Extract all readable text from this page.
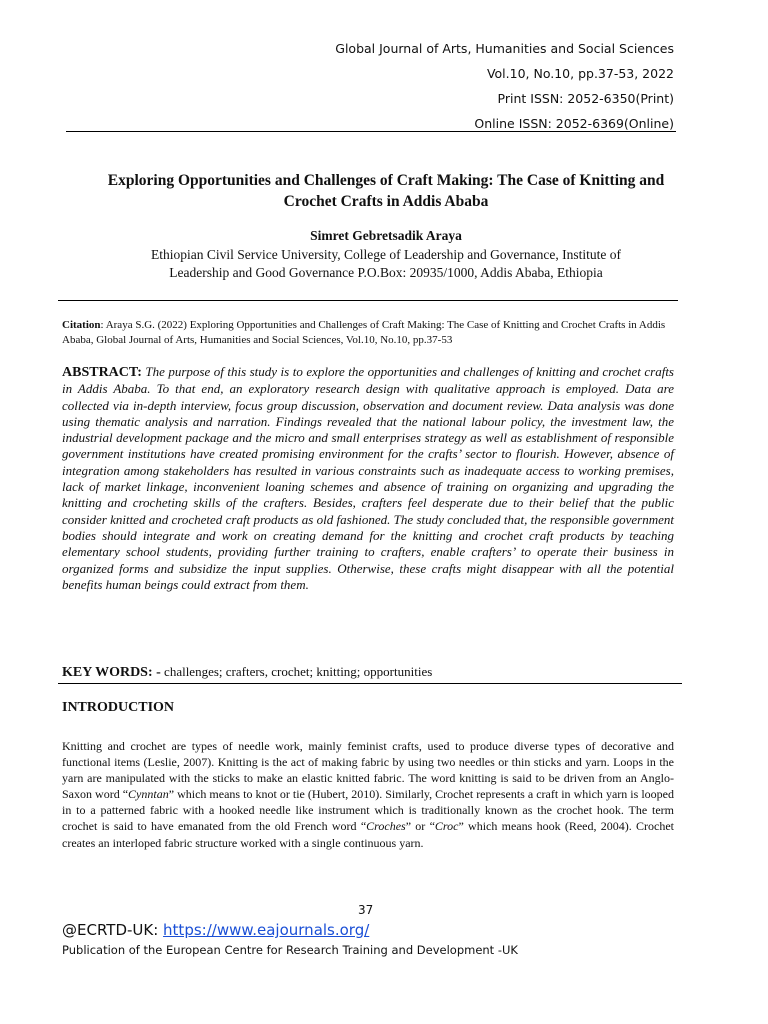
Global Journal of Arts, Humanities and Social Sciences
Vol.10, No.10, pp.37-53, 2022
Print ISSN: 2052-6350(Print)
Online ISSN: 2052-6369(Online)
Exploring Opportunities and Challenges of Craft Making: The Case of Knitting and
Crochet Crafts in Addis Ababa
Simret Gebretsadik Araya
Ethiopian Civil Service University, College of Leadership and Governance, Institute of
Leadership and Good Governance P.O.Box: 20935/1000, Addis Ababa, Ethiopia
Citation: Araya S.G. (2022) Exploring Opportunities and Challenges of Craft Making: The Case of Knitting and Crochet Crafts in Addis Ababa, Global Journal of Arts, Humanities and Social Sciences, Vol.10, No.10, pp.37-53
ABSTRACT: The purpose of this study is to explore the opportunities and challenges of knitting and crochet crafts in Addis Ababa. To that end, an exploratory research design with qualitative approach is employed. Data are collected via in-depth interview, focus group discussion, observation and document review. Data analysis was done using thematic analysis and narration. Findings revealed that the national labour policy, the investment law, the industrial development package and the micro and small enterprises strategy as well as establishment of responsible government institutions have created promising environment for the crafts’ sector to flourish. However, absence of integration among stakeholders has resulted in various constraints such as inadequate access to working premises, lack of market linkage, inconvenient loaning schemes and absence of training on organizing and upgrading the knitting and crocheting skills of the crafters. Besides, crafters feel desperate due to their belief that the public consider knitted and crocheted craft products as old fashioned. The study concluded that, the responsible government bodies should integrate and work on creating demand for the knitting and crochet craft products by teaching elementary school students, providing further training to crafters, enable crafters’ to operate their business in organized forms and subsidize the input supplies. Otherwise, these crafts might disappear with all the potential benefits human beings could extract from them.
KEY WORDS: - challenges; crafters, crochet; knitting; opportunities
INTRODUCTION
Knitting and crochet are types of needle work, mainly feminist crafts, used to produce diverse types of decorative and functional items (Leslie, 2007). Knitting is the act of making fabric by using two needles or thin sticks and yarn. Loops in the yarn are manipulated with the sticks to make an elastic knitted fabric. The word knitting is said to be driven from an Anglo-Saxon word “Cynntan” which means to knot or tie (Hubert, 2010). Similarly, Crochet represents a craft in which yarn is looped in to a patterned fabric with a hooked needle like instrument which is traditionally known as the crochet hook. The term crochet is said to have emanated from the old French word “Croches” or “Croc” which means hook (Reed, 2004). Crochet creates an interloped fabric structure worked with a single continuous yarn.
37
@ECRTD-UK: https://www.eajournals.org/
Publication of the European Centre for Research Training and Development -UK
